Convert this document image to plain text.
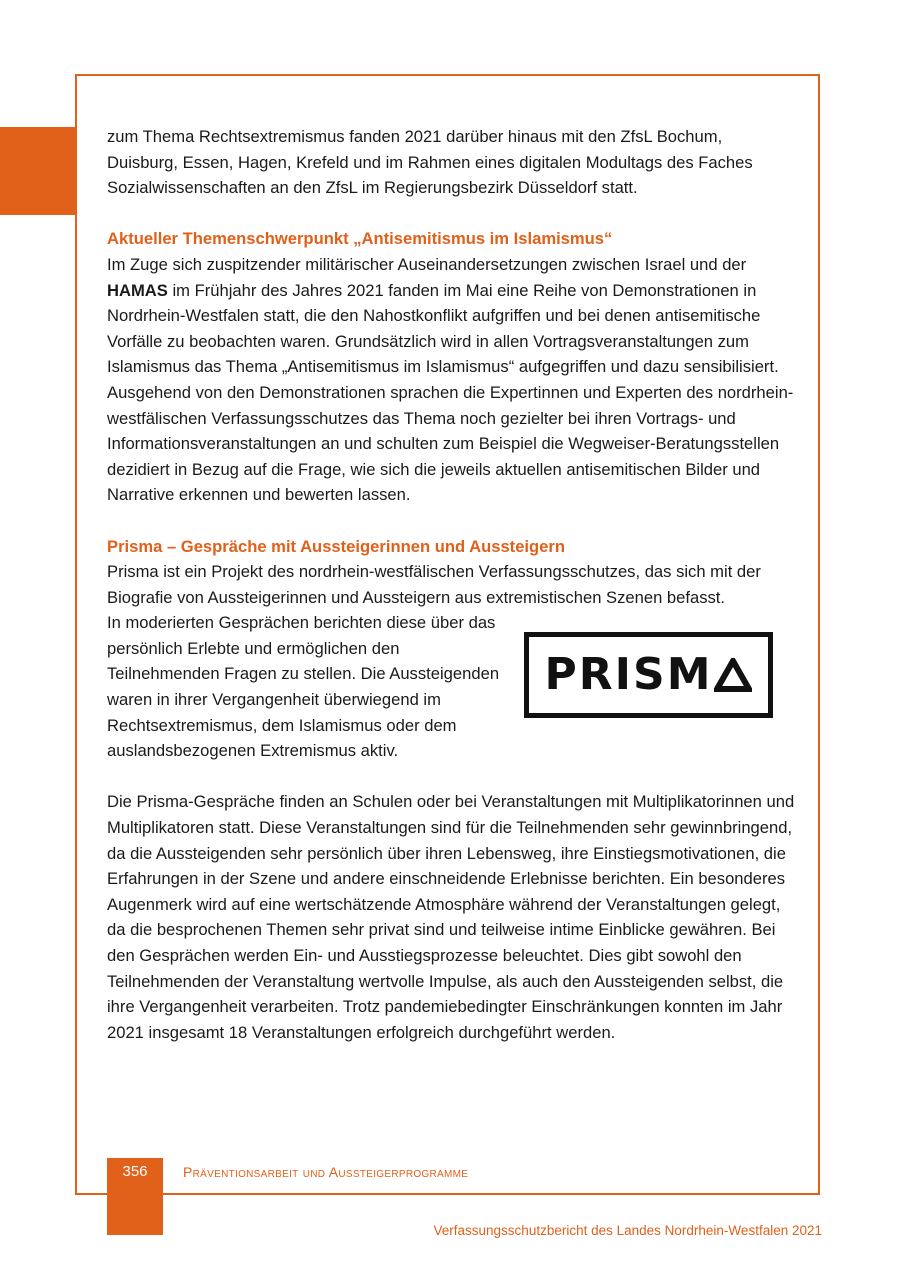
zum Thema Rechtsextremismus fanden 2021 darüber hinaus mit den ZfsL Bochum, Duisburg, Essen, Hagen, Krefeld und im Rahmen eines digitalen Modultags des Faches Sozialwissenschaften an den ZfsL im Regierungsbezirk Düsseldorf statt.

Aktueller Themenschwerpunkt „Antisemitismus im Islamismus“

Im Zuge sich zuspitzender militärischer Auseinandersetzungen zwischen Israel und der HAMAS im Frühjahr des Jahres 2021 fanden im Mai eine Reihe von Demonstrationen in Nordrhein-Westfalen statt, die den Nahostkonflikt aufgriffen und bei denen antisemitische Vorfälle zu beobachten waren. Grundsätzlich wird in allen Vortragsveranstaltungen zum Islamismus das Thema „Antisemitismus im Islamismus“ aufgegriffen und dazu sensibilisiert. Ausgehend von den Demonstrationen sprachen die Expertinnen und Experten des nordrhein-westfälischen Verfassungsschutzes das Thema noch gezielter bei ihren Vortrags- und Informationsveranstaltungen an und schulten zum Beispiel die Wegweiser-Beratungsstellen dezidiert in Bezug auf die Frage, wie sich die jeweils aktuellen antisemitischen Bilder und Narrative erkennen und bewerten lassen.

Prisma – Gespräche mit Aussteigerinnen und Aussteigern

Prisma ist ein Projekt des nordrhein-westfälischen Verfassungsschutzes, das sich mit der Biografie von Aussteigerinnen und Aussteigern aus extremistischen Szenen befasst.

In moderierten Gesprächen berichten diese über das persönlich Erlebte und ermöglichen den Teilnehmenden Fragen zu stellen. Die Aussteigenden waren in ihrer Vergangenheit überwiegend im Rechtsextremismus, dem Islamismus oder dem auslandsbezogenen Extremismus aktiv.

PRISM

Die Prisma-Gespräche finden an Schulen oder bei Veranstaltungen mit Multiplikatorinnen und Multiplikatoren statt. Diese Veranstaltungen sind für die Teilnehmenden sehr gewinnbringend, da die Aussteigenden sehr persönlich über ihren Lebensweg, ihre Einstiegsmotivationen, die Erfahrungen in der Szene und andere einschneidende Erlebnisse berichten. Ein besonderes Augenmerk wird auf eine wertschätzende Atmosphäre während der Veranstaltungen gelegt, da die besprochenen Themen sehr privat sind und teilweise intime Einblicke gewähren. Bei den Gesprächen werden Ein- und Ausstiegsprozesse beleuchtet. Dies gibt sowohl den Teilnehmenden der Veranstaltung wertvolle Impulse, als auch den Aussteigenden selbst, die ihre Vergangenheit verarbeiten. Trotz pandemiebedingter Einschränkungen konnten im Jahr 2021 insgesamt 18 Veranstaltungen erfolgreich durchgeführt werden.

356	Präventionsarbeit und Aussteigerprogramme
Verfassungsschutzbericht des Landes Nordrhein-Westfalen 2021
